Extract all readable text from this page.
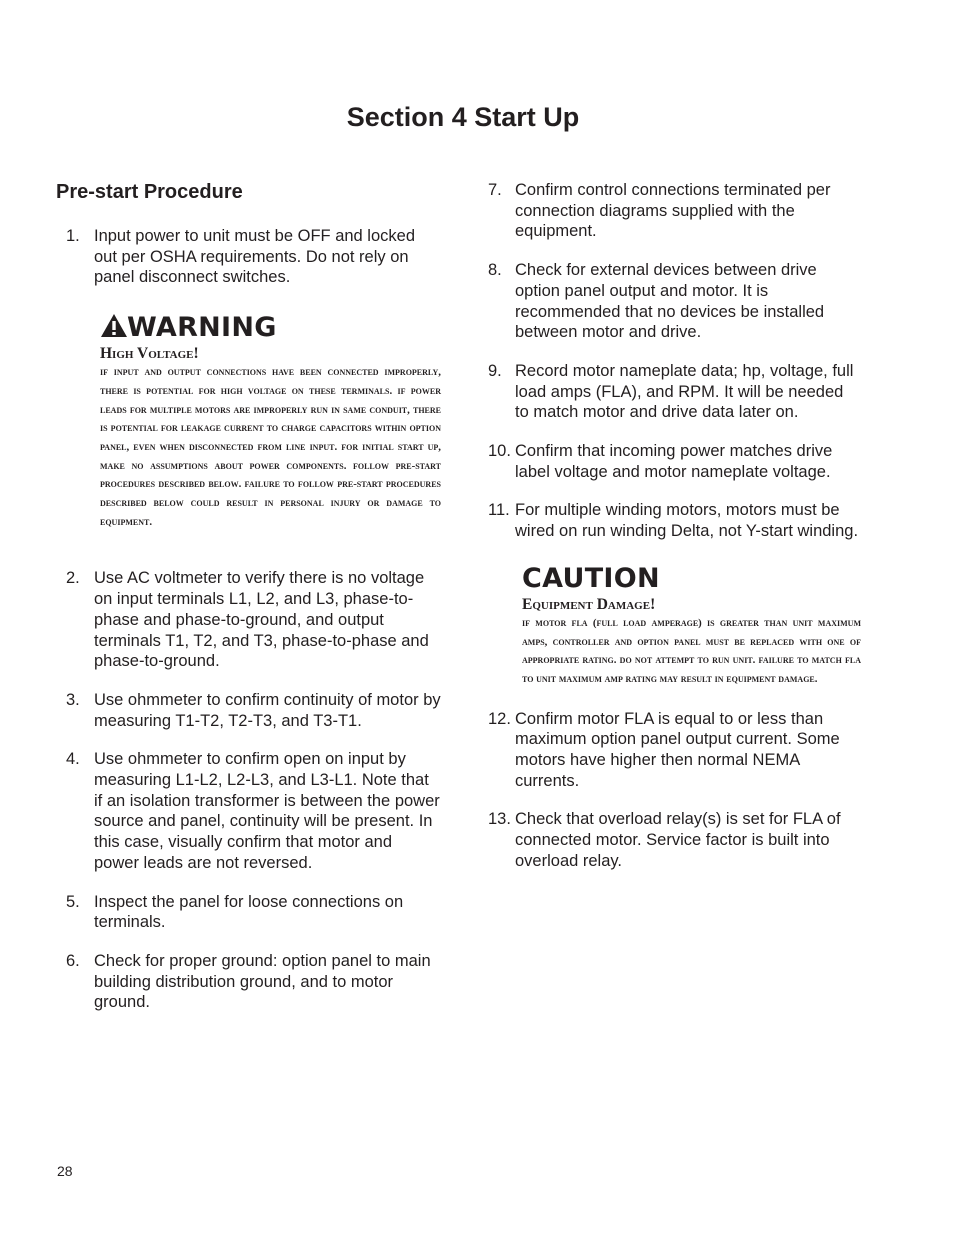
Section 4 Start Up
Pre-start Procedure
1. Input power to unit must be OFF and locked out per OSHA requirements. Do not rely on panel disconnect switches.
WARNING
High Voltage!
if input and output connections have been connected improperly, there is potential for high voltage on these terminals. if power leads for multiple motors are improperly run in same conduit, there is potential for leakage current to charge capacitors within option panel, even when disconnected from line input. for initial start up, make no assumptions about power components. follow pre-start procedures described below. failure to follow pre-start procedures described below could result in personal injury or damage to equipment.
2. Use AC voltmeter to verify there is no voltage on input terminals L1, L2, and L3, phase-to-phase and phase-to-ground, and output terminals T1, T2, and T3, phase-to-phase and phase-to-ground.
3. Use ohmmeter to confirm continuity of motor by measuring T1-T2, T2-T3, and T3-T1.
4. Use ohmmeter to confirm open on input by measuring L1-L2, L2-L3, and L3-L1. Note that if an isolation transformer is between the power source and panel, continuity will be present. In this case, visually confirm that motor and power leads are not reversed.
5. Inspect the panel for loose connections on terminals.
6. Check for proper ground: option panel to main building distribution ground, and to motor ground.
7. Confirm control connections terminated per connection diagrams supplied with the equipment.
8. Check for external devices between drive option panel output and motor. It is recommended that no devices be installed between motor and drive.
9. Record motor nameplate data; hp, voltage, full load amps (FLA), and RPM. It will be needed to match motor and drive data later on.
10. Confirm that incoming power matches drive label voltage and motor nameplate voltage.
11. For multiple winding motors, motors must be wired on run winding Delta, not Y-start winding.
CAUTION
Equipment Damage!
if motor fla (full load amperage) is greater than unit maximum amps, controller and option panel must be replaced with one of appropriate rating. do not attempt to run unit. failure to match fla to unit maximum amp rating may result in equipment damage.
12. Confirm motor FLA is equal to or less than maximum option panel output current. Some motors have higher then normal NEMA currents.
13. Check that overload relay(s) is set for FLA of connected motor. Service factor is built into overload relay.
28
